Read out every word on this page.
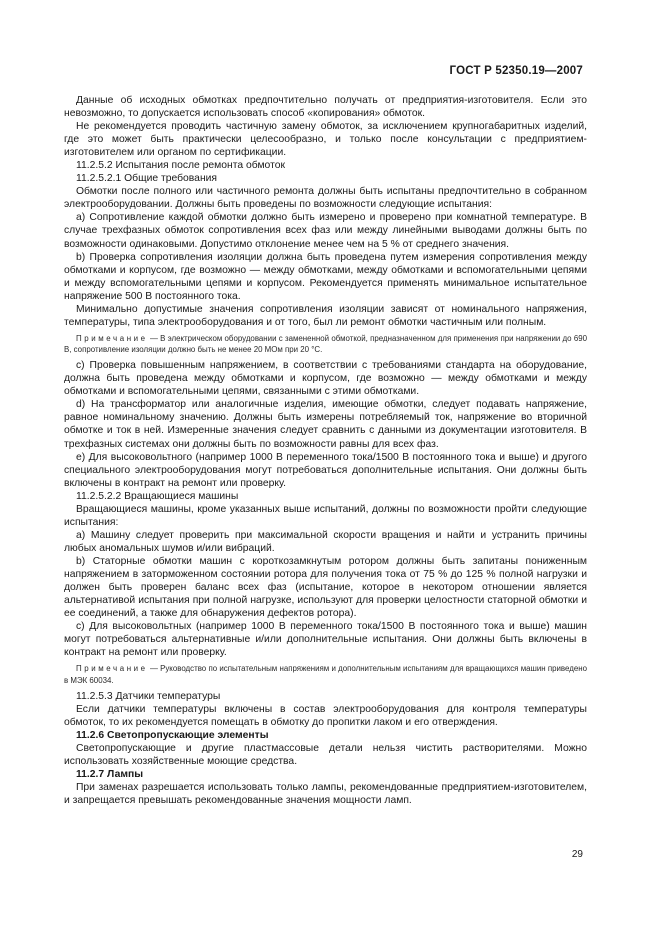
ГОСТ Р 52350.19—2007

Данные об исходных обмотках предпочтительно получать от предприятия-изготовителя. Если это невозможно, то допускается использовать способ «копирования» обмоток.

Не рекомендуется проводить частичную замену обмоток, за исключением крупногабаритных изделий, где это может быть практически целесообразно, и только после консультации с предприятием-изготовителем или органом по сертификации.

11.2.5.2 Испытания после ремонта обмоток

11.2.5.2.1 Общие требования

Обмотки после полного или частичного ремонта должны быть испытаны предпочтительно в собранном электрооборудовании. Должны быть проведены по возможности следующие испытания:

a) Сопротивление каждой обмотки должно быть измерено и проверено при комнатной температуре. В случае трехфазных обмоток сопротивления всех фаз или между линейными выводами должны быть по возможности одинаковыми. Допустимо отклонение менее чем на 5 % от среднего значения.

b) Проверка сопротивления изоляции должна быть проведена путем измерения сопротивления между обмотками и корпусом, где возможно — между обмотками, между обмотками и вспомогательными цепями и между вспомогательными цепями и корпусом. Рекомендуется применять минимальное испытательное напряжение 500 В постоянного тока.

Минимально допустимые значения сопротивления изоляции зависят от номинального напряжения, температуры, типа электрооборудования и от того, был ли ремонт обмотки частичным или полным.

Примечание — В электрическом оборудовании с замененной обмоткой, предназначенном для применения при напряжении до 690 В, сопротивление изоляции должно быть не менее 20 МОм при 20 °С.

c) Проверка повышенным напряжением, в соответствии с требованиями стандарта на оборудование, должна быть проведена между обмотками и корпусом, где возможно — между обмотками и между обмотками и вспомогательными цепями, связанными с этими обмотками.

d) На трансформатор или аналогичные изделия, имеющие обмотки, следует подавать напряжение, равное номинальному значению. Должны быть измерены потребляемый ток, напряжение во вторичной обмотке и ток в ней. Измеренные значения следует сравнить с данными из документации изготовителя. В трехфазных системах они должны быть по возможности равны для всех фаз.

e) Для высоковольтного (например 1000 В переменного тока/1500 В постоянного тока и выше) и другого специального электрооборудования могут потребоваться дополнительные испытания. Они должны быть включены в контракт на ремонт или проверку.

11.2.5.2.2 Вращающиеся машины

Вращающиеся машины, кроме указанных выше испытаний, должны по возможности пройти следующие испытания:

a) Машину следует проверить при максимальной скорости вращения и найти и устранить причины любых аномальных шумов и/или вибраций.

b) Статорные обмотки машин с короткозамкнутым ротором должны быть запитаны пониженным напряжением в заторможенном состоянии ротора для получения тока от 75 % до 125 % полной нагрузки и должен быть проверен баланс всех фаз (испытание, которое в некотором отношении является альтернативой испытания при полной нагрузке, используют для проверки целостности статорной обмотки и ее соединений, а также для обнаружения дефектов ротора).

c) Для высоковольтных (например 1000 В переменного тока/1500 В постоянного тока и выше) машин могут потребоваться альтернативные и/или дополнительные испытания. Они должны быть включены в контракт на ремонт или проверку.

Примечание — Руководство по испытательным напряжениям и дополнительным испытаниям для вращающихся машин приведено в МЭК 60034.

11.2.5.3 Датчики температуры

Если датчики температуры включены в состав электрооборудования для контроля температуры обмоток, то их рекомендуется помещать в обмотку до пропитки лаком и его отверждения.

11.2.6 Светопропускающие элементы

Светопропускающие и другие пластмассовые детали нельзя чистить растворителями. Можно использовать хозяйственные моющие средства.

11.2.7 Лампы

При заменах разрешается использовать только лампы, рекомендованные предприятием-изготовителем, и запрещается превышать рекомендованные значения мощности ламп.

29
